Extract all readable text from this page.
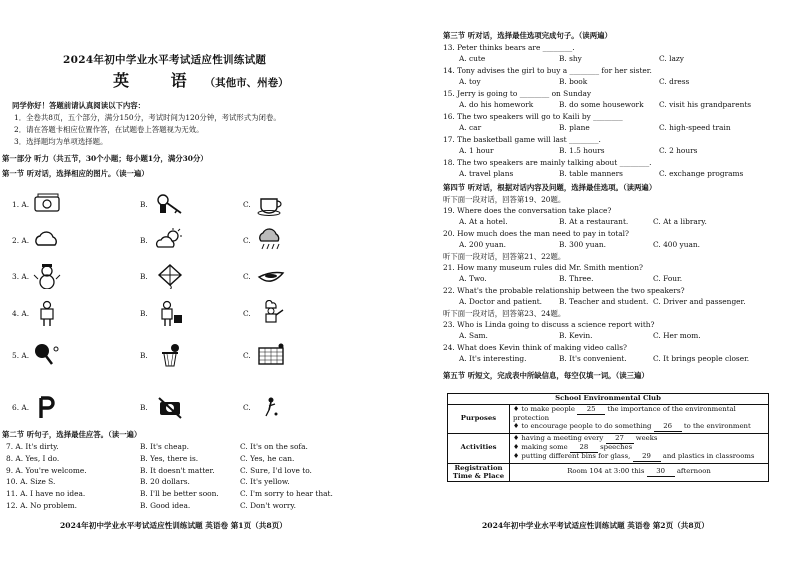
2024年初中学业水平考试适应性训练试题
英 语（其他市、州卷）
同学你好！答题前请认真阅读以下内容：
1．全卷共8页，五个部分，满分150分，考试时间为120分钟，考试形式为闭卷。
2．请在答题卡相应位置作答，在试题卷上答题视为无效。
3．选择题均为单项选择题。
第一部分 听力（共五节，30个小题；每小题1分，满分30分）
第一节 听对话，选择相应的图片。（读一遍）
1. A.	B.	C.
2. A.	B.	C.
3. A.	B.	C.
4. A.	B.	C.
5. A.	B.	C.
6. A.	B.	C.
第二节 听句子，选择最佳应答。（读一遍）
7. A. It's dirty.	B. It's cheap.	C. It's on the sofa.
8. A. Yes, I do.	B. Yes, there is.	C. Yes, he can.
9. A. You're welcome.	B. It doesn't matter.	C. Sure, I'd love to.
10. A. Size S.	B. 20 dollars.	C. It's yellow.
11. A. I have no idea.	B. I'll be better soon.	C. I'm sorry to hear that.
12. A. No problem.	B. Good idea.	C. Don't worry.
2024年初中学业水平考试适应性训练试题 英语卷 第1页（共8页）
第三节 听对话，选择最佳选项完成句子。（读两遍）
13. Peter thinks bears are ________.
A. cute	B. shy	C. lazy
14. Tony advises the girl to buy a ________ for her sister.
A. toy	B. book	C. dress
15. Jerry is going to ________ on Sunday
A. do his homework	B. do some housework C. visit his grandparents
16. The two speakers will go to Kaili by ________
A. car	B. plane	C. high-speed train
17. The basketball game will last ________.
A. 1 hour	B. 1.5 hours	C. 2 hours
18. The two speakers are mainly talking about ________.
A. travel plans	B. table manners	C. exchange programs
第四节 听对话，根据对话内容及问题，选择最佳选项。（读两遍）
听下面一段对话，回答第19、20题。
19. Where does the conversation take place?
A. At a hotel.	B. At a restaurant.	C. At a library.
20. How much does the man need to pay in total?
A. 200 yuan.	B. 300 yuan.	C. 400 yuan.
听下面一段对话，回答第21、22题。
21. How many museum rules did Mr. Smith mention?
A. Two.	B. Three.	C. Four.
22. What's the probable relationship between the two speakers?
A. Doctor and patient. B. Teacher and student. C. Driver and passenger.
听下面一段对话，回答第23、24题。
23. Who is Linda going to discuss a science report with?
A. Sam.	B. Kevin.	C. Her mom.
24. What does Kevin think of making video calls?
A. It's interesting.	B. It's convenient.	C. It brings people closer.
第五节 听短文，完成表中所缺信息，每空仅填一词。（读三遍）
2024年初中学业水平考试适应性训练试题 英语卷 第2页（共8页）
School Environmental Club	
Purposes	♦ to make people 25 the importance of the environmental protection
♦ to encourage people to do something 26 to the environment

Activities	♦ having a meeting every 27 weeks
♦ making some 28 speeches
♦ putting different bins for glass, 29 and plastics in classrooms

Registration
Time & Place	Room 104 at 3:00 this 30 afternoon
